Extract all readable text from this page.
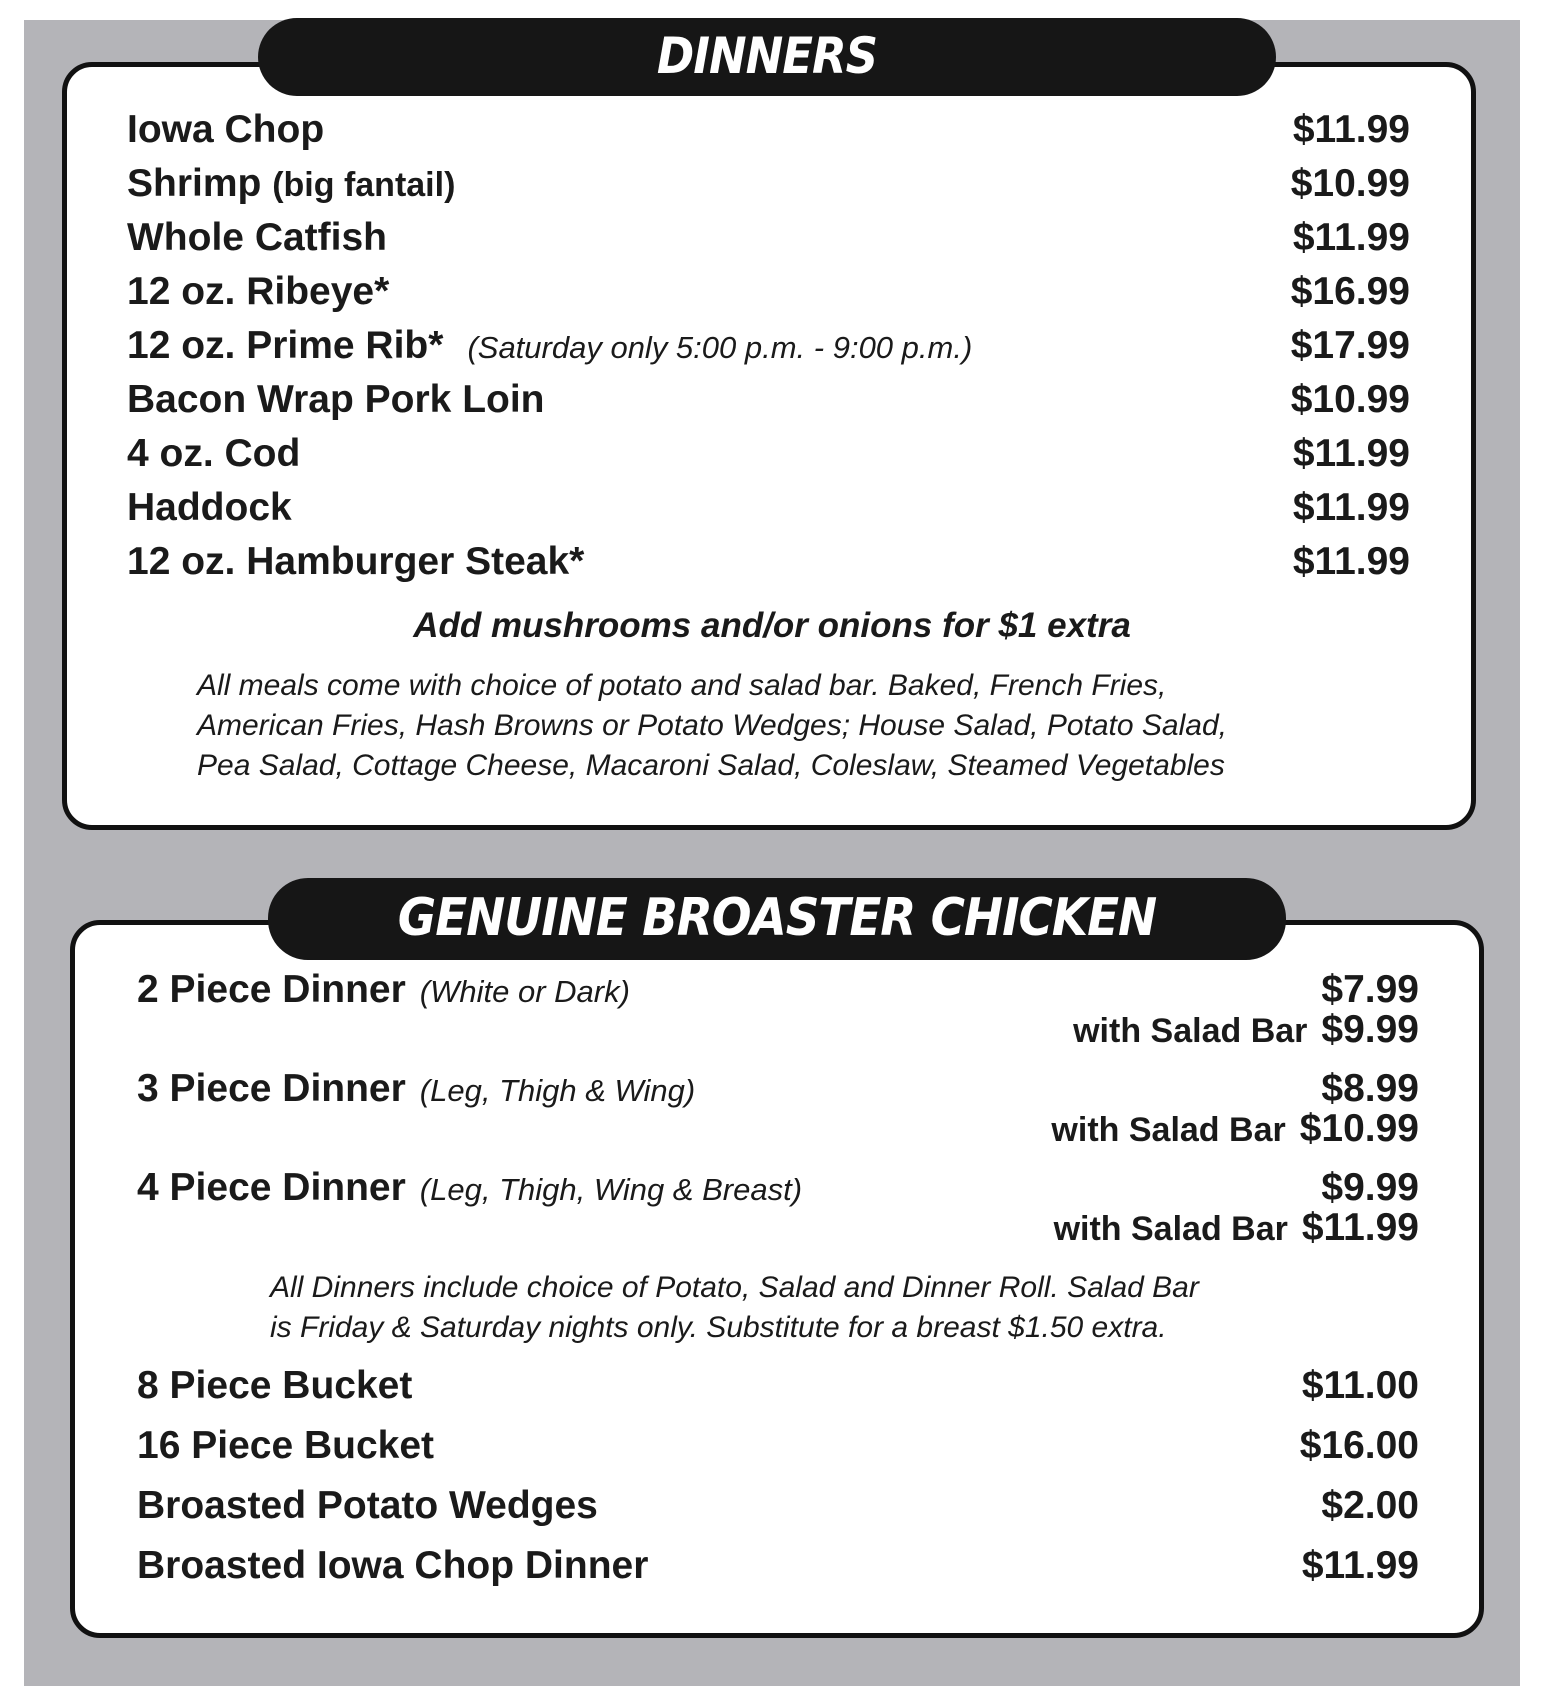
DINNERS
Iowa Chop	$11.99
Shrimp (big fantail)	$10.99
Whole Catfish	$11.99
12 oz. Ribeye*	$16.99
12 oz. Prime Rib* (Saturday only 5:00 p.m. - 9:00 p.m.)	$17.99
Bacon Wrap Pork Loin	$10.99
4 oz. Cod	$11.99
Haddock	$11.99
12 oz. Hamburger Steak*	$11.99
Add mushrooms and/or onions for $1 extra
All meals come with choice of potato and salad bar. Baked, French Fries,
American Fries, Hash Browns or Potato Wedges; House Salad, Potato Salad,
Pea Salad, Cottage Cheese, Macaroni Salad, Coleslaw, Steamed Vegetables
GENUINE BROASTER CHICKEN
2 Piece Dinner (White or Dark)	$7.99
with Salad Bar $9.99
3 Piece Dinner (Leg, Thigh & Wing)	$8.99
with Salad Bar $10.99
4 Piece Dinner (Leg, Thigh, Wing & Breast)	$9.99
with Salad Bar $11.99
All Dinners include choice of Potato, Salad and Dinner Roll. Salad Bar
is Friday & Saturday nights only. Substitute for a breast $1.50 extra.
8 Piece Bucket	$11.00
16 Piece Bucket	$16.00
Broasted Potato Wedges	$2.00
Broasted Iowa Chop Dinner	$11.99
